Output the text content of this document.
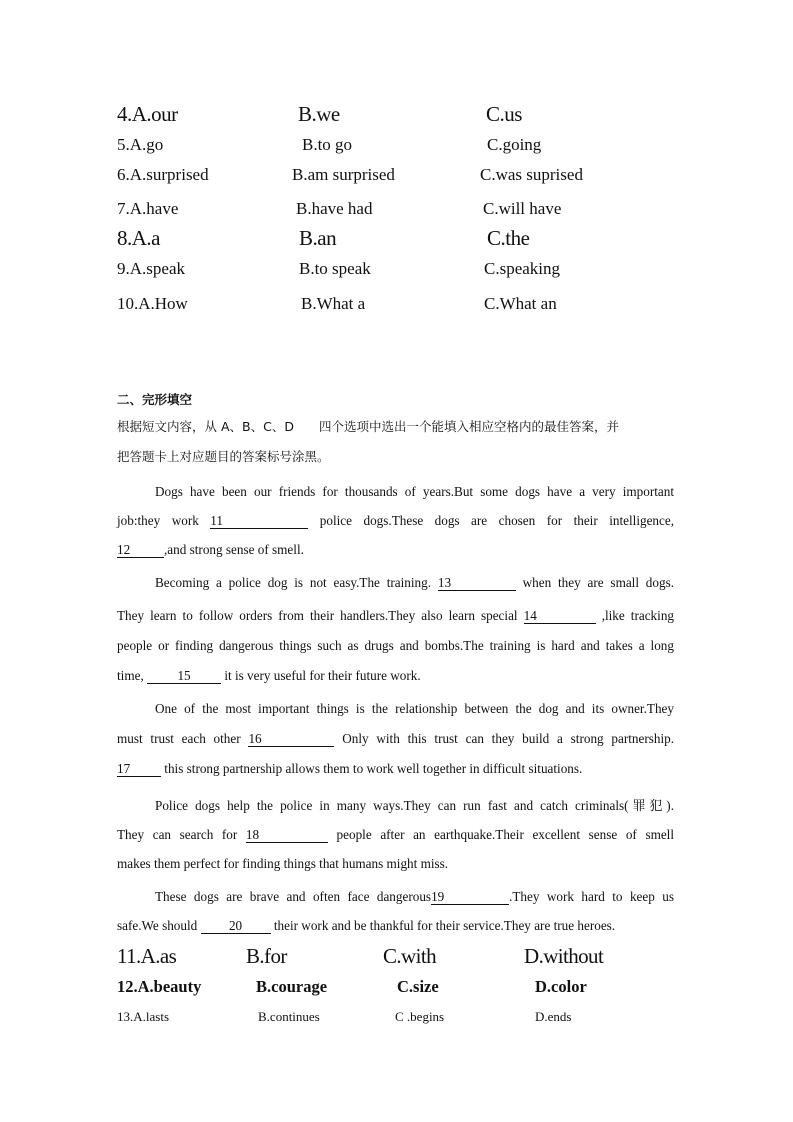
4.A.our	B.we	C.us
5.A.go	B.to go	C.going
6.A.surprised	B.am surprised	C.was suprised
7.A.have	B.have had	C.will have
8.A.a	B.an	C.the
9.A.speak	B.to speak	C.speaking
10.A.How	B.What a	C.What an
二、完形填空
根据短文内容，从 A、B、C、D　　四个选项中选出一个能填入相应空格内的最佳答案，并
把答题卡上对应题目的答案标号涂黑。
Dogs have been our friends for thousands of years.But some dogs have a very important
job:they work 11	police dogs.These dogs are chosen for their intelligence,
12	,and strong sense of smell.
Becoming a police dog is not easy.The training. 13	when they are small dogs.
They learn to follow orders from their handlers.They also learn special 14	,like tracking
people or finding dangerous things such as drugs and bombs.The training is hard and takes a long
time,	15	it is very useful for their future work.
One of the most important things is the relationship between the dog and its owner.They
must trust each other 16	Only with this trust can they build a strong partnership.
17	this strong partnership allows them to work well together in difficult situations.
Police dogs help the police in many ways.They can run fast and catch criminals(罪犯).
They can search for 18	people after an earthquake.Their excellent sense of smell
makes them perfect for finding things that humans might miss.
These dogs are brave and often face dangerous19	.They work hard to keep us
safe.We should 20 their work and be thankful for their service.They are true heroes.
11.A.as	B.for	C.with	D.without
12.A.beauty	B.courage	C.size	D.color
13.A.lasts	B.continues	C .begins	D.ends
